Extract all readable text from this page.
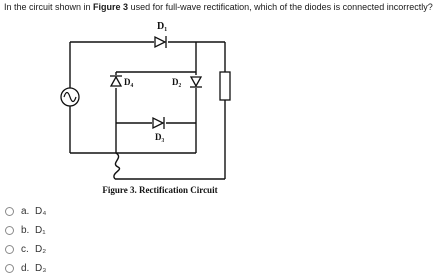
In the circuit shown in Figure 3 used for full-wave rectification, which of the diodes is connected incorrectly?
D₁
D₄	D₂
D₃
Figure 3. Rectification Circuit
a. D₄
b. D₁
c. D₂
d. D₃
